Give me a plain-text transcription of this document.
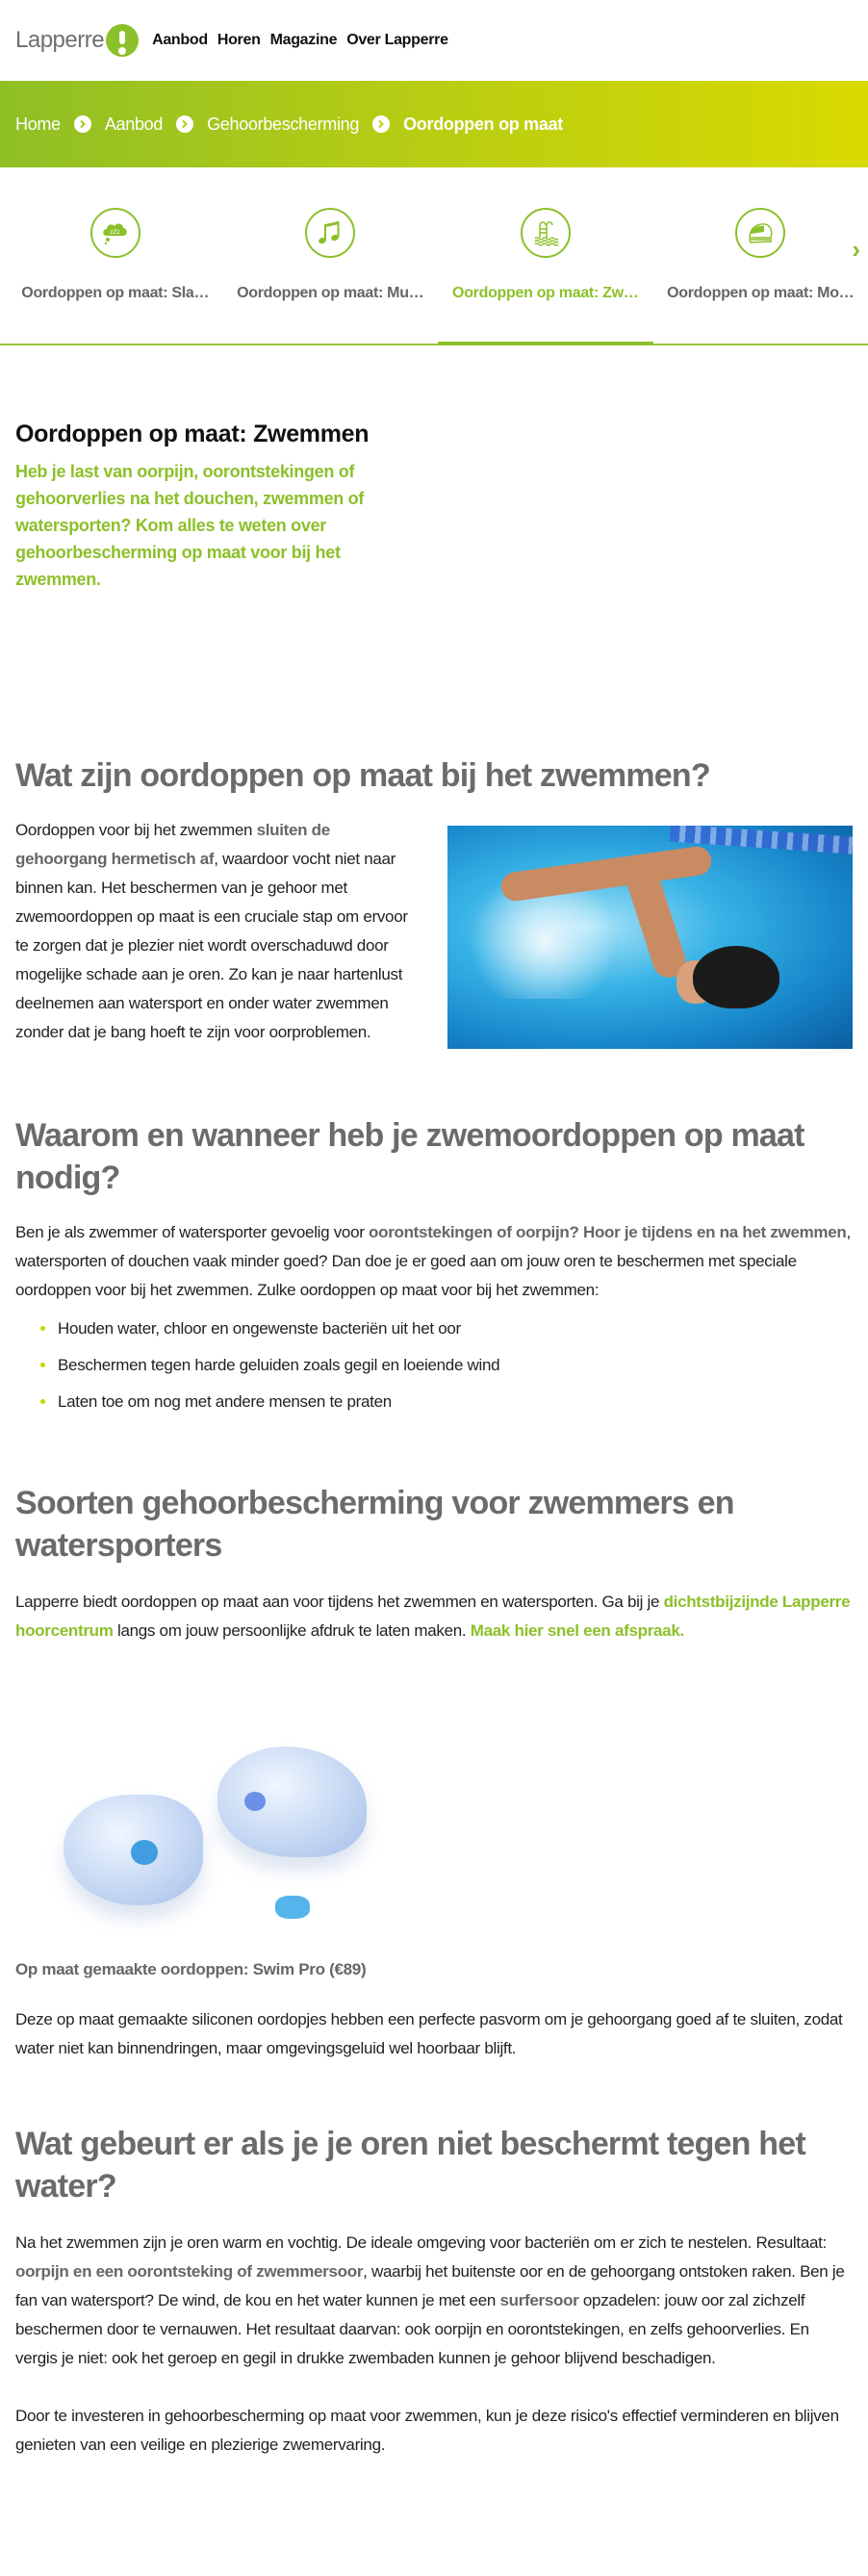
Lapperre	Aanbod Horen Magazine Over Lapperre
Home	Aanbod	Gehoorbescherming	Oordoppen op maat
zZz
Oordoppen op maat: Sla… Oordoppen op maat: Mu… Oordoppen op maat: Zw… Oordoppen op maat: Mo…
›
Oordoppen op maat: Zwemmen

Heb je last van oorpijn, oorontstekingen of gehoorverlies na het douchen, zwemmen of watersporten? Kom alles te weten over gehoorbescherming op maat voor bij het zwemmen.

Wat zijn oordoppen op maat bij het zwemmen?

Oordoppen voor bij het zwemmen sluiten de gehoorgang hermetisch af, waardoor vocht niet naar binnen kan. Het beschermen van je gehoor met zwemoordoppen op maat is een cruciale stap om ervoor te zorgen dat je plezier niet wordt overschaduwd door mogelijke schade aan je oren. Zo kan je naar hartenlust deelnemen aan watersport en onder water zwemmen zonder dat je bang hoeft te zijn voor oorproblemen.

Waarom en wanneer heb je zwemoordoppen op maat nodig?

Ben je als zwemmer of watersporter gevoelig voor oorontstekingen of oorpijn? Hoor je tijdens en na het zwemmen, watersporten of douchen vaak minder goed? Dan doe je er goed aan om jouw oren te beschermen met speciale oordoppen voor bij het zwemmen. Zulke oordoppen op maat voor bij het zwemmen:

Houden water, chloor en ongewenste bacteriën uit het oor
Beschermen tegen harde geluiden zoals gegil en loeiende wind
Laten toe om nog met andere mensen te praten
Soorten gehoorbescherming voor zwemmers en watersporters

Lapperre biedt oordoppen op maat aan voor tijdens het zwemmen en watersporten. Ga bij je dichtstbijzijnde Lapperre hoorcentrum langs om jouw persoonlijke afdruk te laten maken. Maak hier snel een afspraak.

Op maat gemaakte oordoppen: Swim Pro (€89)

Deze op maat gemaakte siliconen oordopjes hebben een perfecte pasvorm om je gehoorgang goed af te sluiten, zodat water niet kan binnendringen, maar omgevingsgeluid wel hoorbaar blijft.

Wat gebeurt er als je je oren niet beschermt tegen het water?

Na het zwemmen zijn je oren warm en vochtig. De ideale omgeving voor bacteriën om er zich te nestelen. Resultaat: oorpijn en een oorontsteking of zwemmersoor, waarbij het buitenste oor en de gehoorgang ontstoken raken. Ben je fan van watersport? De wind, de kou en het water kunnen je met een surfersoor opzadelen: jouw oor zal zichzelf beschermen door te vernauwen. Het resultaat daarvan: ook oorpijn en oorontstekingen, en zelfs gehoorverlies. En vergis je niet: ook het geroep en gegil in drukke zwembaden kunnen je gehoor blijvend beschadigen.

Door te investeren in gehoorbescherming op maat voor zwemmen, kun je deze risico's effectief verminderen en blijven genieten van een veilige en plezierige zwemervaring.
